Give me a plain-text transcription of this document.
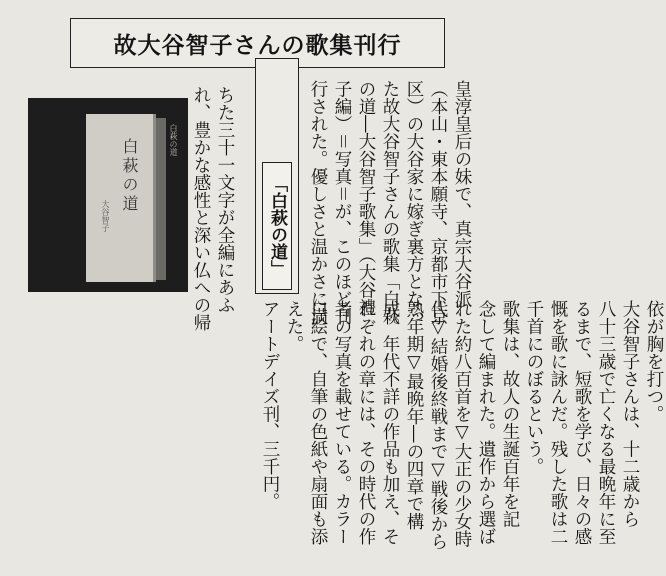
故大谷智子さんの歌集刊行
白萩の道
大谷智子
白萩の道
「白萩の道」	皇淳皇后の妹で、真宗大谷派
（本山・東本願寺、京都市下京
区）の大谷家に嫁ぎ裏方となっ
た故大谷智子さんの歌集「白萩
の道―大谷智子歌集」（大谷禮
子編）＝写真＝が、このほど刊
行された。優しさと温かさに満
ちた三十一文字が全編にあふ
れ、豊かな感性と深い仏への帰
依が胸を打つ。
大谷智子さんは、十二歳から
八十三歳で亡くなる最晩年に至
るまで、短歌を学び、日々の感
慨を歌に詠んだ。残した歌は二
千首にのぼるという。
歌集は、故人の生誕百年を記
念して編まれた。遺作から選ば
れた約八百首を▽大正の少女時
代▽結婚後終戦まで▽戦後から
熟年期▽最晩年―の四章で構
成。年代不詳の作品も加え、そ
れぞれの章には、その時代の作
者の写真を載せている。カラー
口絵で、自筆の色紙や扇面も添
えた。
アートデイズ刊、三千円。
